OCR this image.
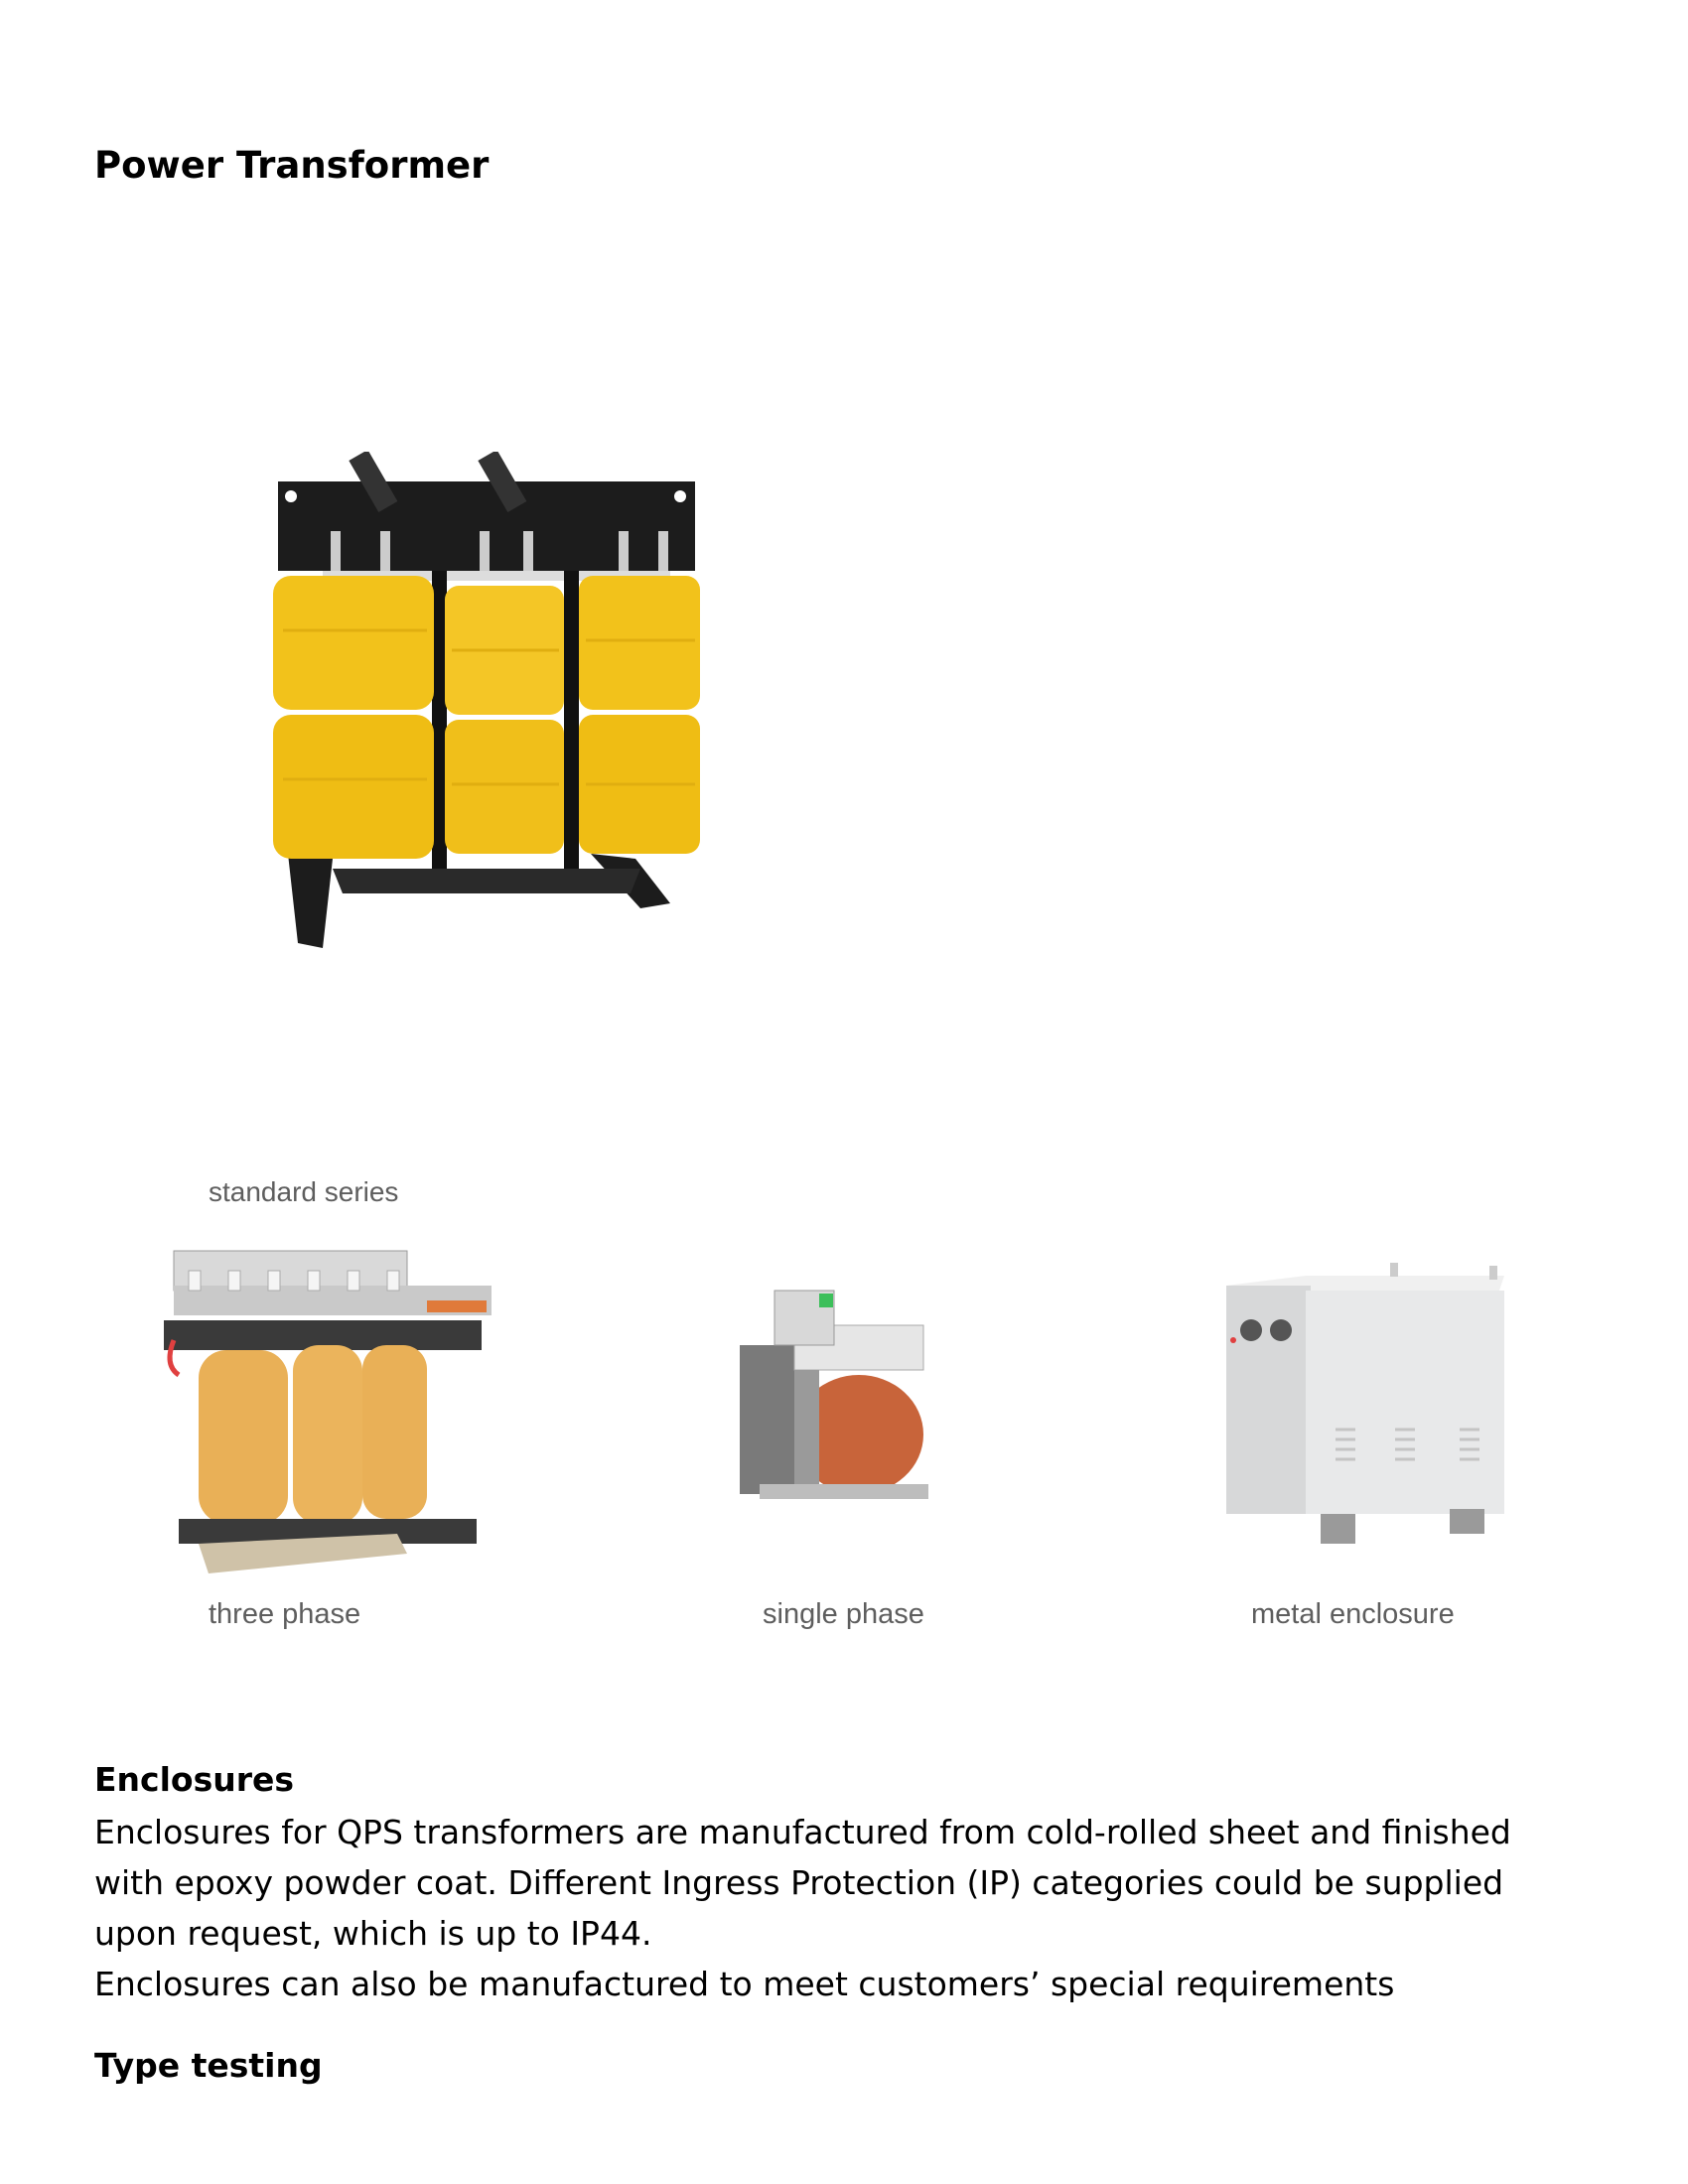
Power Transformer
standard series
three phase	single phase	metal enclosure
Enclosures

Enclosures for QPS transformers are manufactured from cold-rolled sheet and finished

with epoxy powder coat. Different Ingress Protection (IP) categories could be supplied

upon request, which is up to IP44.

Enclosures can also be manufactured to meet customers’ special requirements

Type testing
